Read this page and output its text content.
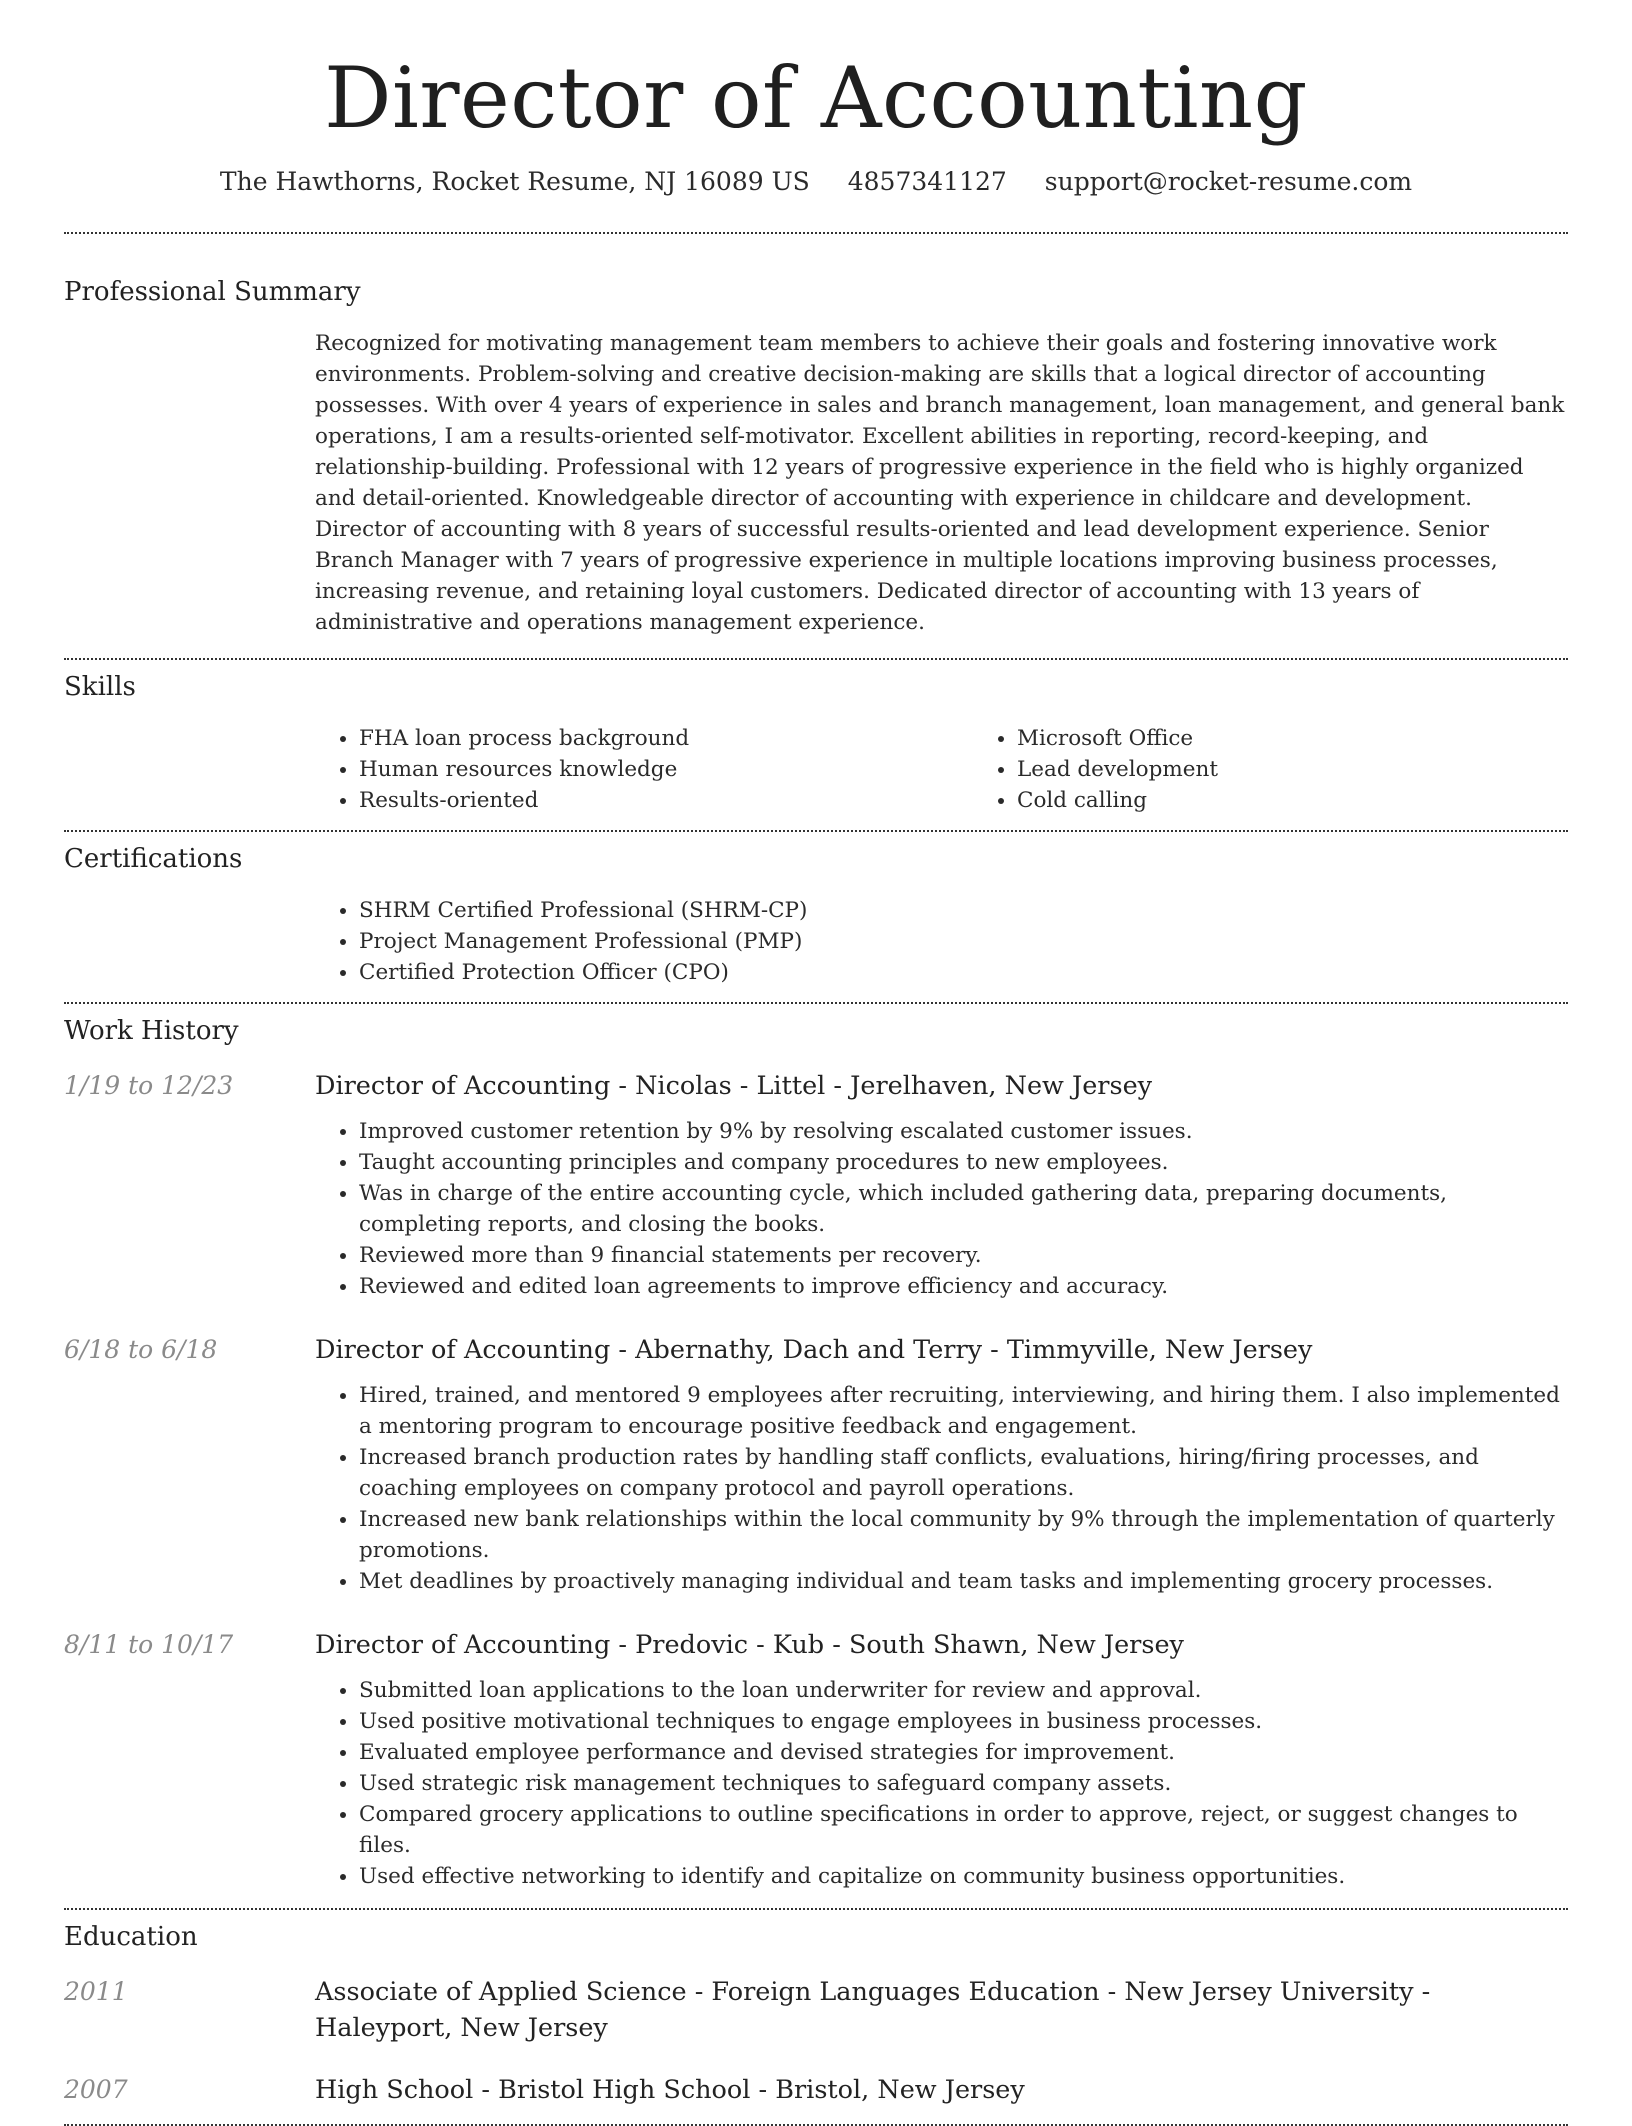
Director of Accounting
The Hawthorns, Rocket Resume, NJ 16089 US 4857341127 support@rocket-resume.com
Professional Summary
Recognized for motivating management team members to achieve their goals and fostering innovative work environments. Problem-solving and creative decision-making are skills that a logical director of accounting possesses. With over 4 years of experience in sales and branch management, loan management, and general bank operations, I am a results-oriented self-motivator. Excellent abilities in reporting, record-keeping, and relationship-building. Professional with 12 years of progressive experience in the field who is highly organized and detail-oriented. Knowledgeable director of accounting with experience in childcare and development. Director of accounting with 8 years of successful results-oriented and lead development experience. Senior Branch Manager with 7 years of progressive experience in multiple locations improving business processes, increasing revenue, and retaining loyal customers. Dedicated director of accounting with 13 years of administrative and operations management experience.
Skills
• FHA loan process background
• Human resources knowledge
• Results-oriented
• Microsoft Office
• Lead development
• Cold calling
Certifications
• SHRM Certified Professional (SHRM-CP)
• Project Management Professional (PMP)
• Certified Protection Officer (CPO)
Work History
1/19 to 12/23	Director of Accounting - Nicolas - Littel - Jerelhaven, New Jersey
• Improved customer retention by 9% by resolving escalated customer issues.
• Taught accounting principles and company procedures to new employees.
• Was in charge of the entire accounting cycle, which included gathering data, preparing documents, completing reports, and closing the books.
• Reviewed more than 9 financial statements per recovery.
• Reviewed and edited loan agreements to improve efficiency and accuracy.
6/18 to 6/18	Director of Accounting - Abernathy, Dach and Terry - Timmyville, New Jersey
• Hired, trained, and mentored 9 employees after recruiting, interviewing, and hiring them. I also implemented a mentoring program to encourage positive feedback and engagement.
• Increased branch production rates by handling staff conflicts, evaluations, hiring/firing processes, and coaching employees on company protocol and payroll operations.
• Increased new bank relationships within the local community by 9% through the implementation of quarterly promotions.
• Met deadlines by proactively managing individual and team tasks and implementing grocery processes.
8/11 to 10/17	Director of Accounting - Predovic - Kub - South Shawn, New Jersey
• Submitted loan applications to the loan underwriter for review and approval.
• Used positive motivational techniques to engage employees in business processes.
• Evaluated employee performance and devised strategies for improvement.
• Used strategic risk management techniques to safeguard company assets.
• Compared grocery applications to outline specifications in order to approve, reject, or suggest changes to files.
• Used effective networking to identify and capitalize on community business opportunities.
Education
2011	Associate of Applied Science - Foreign Languages Education - New Jersey University - Haleyport, New Jersey
2007	High School - Bristol High School - Bristol, New Jersey
